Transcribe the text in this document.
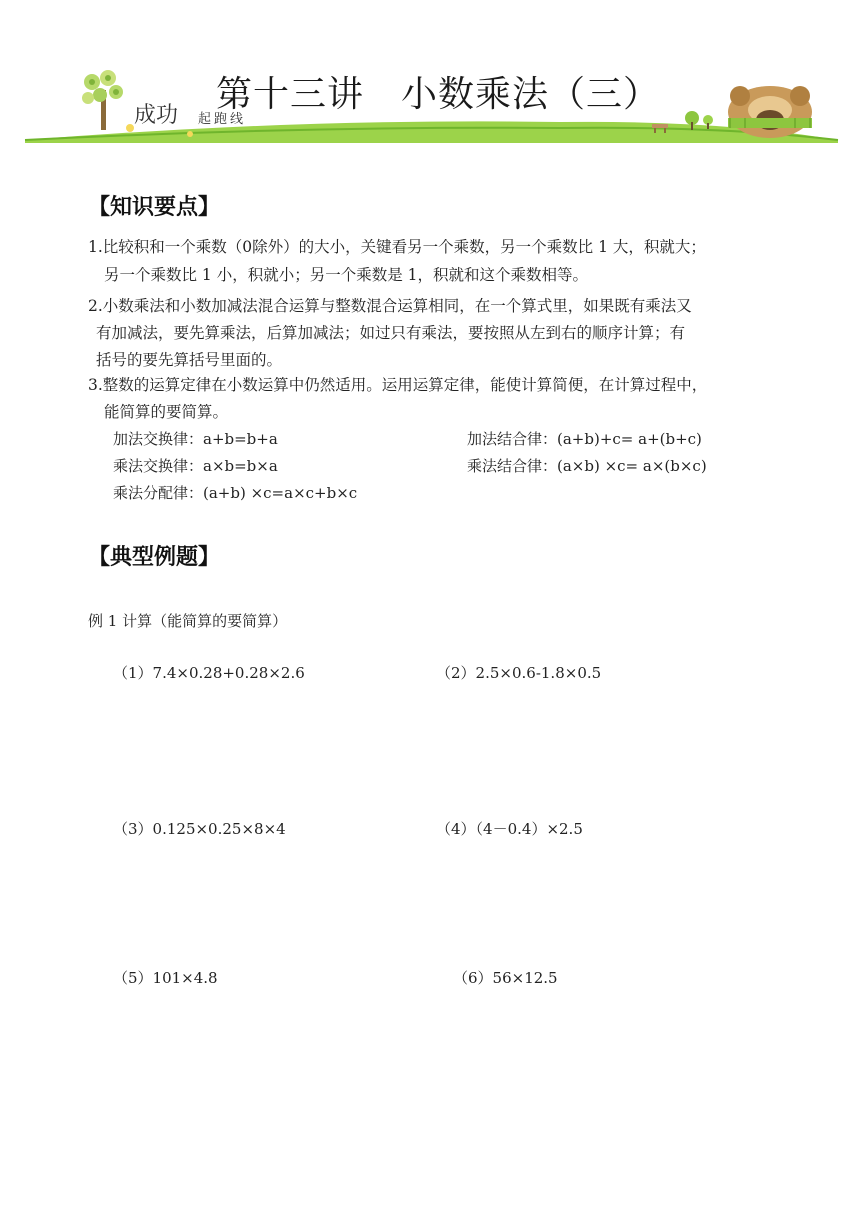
成功 起跑线
第十三讲　小数乘法（三）
【知识要点】
1.比较积和一个乘数（0除外）的大小，关键看另一个乘数，另一个乘数比 1 大，积就大；
另一个乘数比 1 小，积就小；另一个乘数是 1，积就和这个乘数相等。
2.小数乘法和小数加减法混合运算与整数混合运算相同，在一个算式里，如果既有乘法又
有加减法，要先算乘法，后算加减法；如过只有乘法，要按照从左到右的顺序计算；有
括号的要先算括号里面的。
3.整数的运算定律在小数运算中仍然适用。运用运算定律，能使计算简便，在计算过程中，
能简算的要简算。
加法交换律：a+b=b+a	加法结合律：(a+b)+c= a+(b+c)
乘法交换律：a×b=b×a	乘法结合律：(a×b) ×c= a×(b×c)
乘法分配律：(a+b) ×c=a×c+b×c
【典型例题】
例 1 计算（能简算的要简算）
（1）7.4×0.28+0.28×2.6	（2）2.5×0.6-1.8×0.5
（3）0.125×0.25×8×4	（4）（4－0.4）×2.5
（5）101×4.8	（6）56×12.5
